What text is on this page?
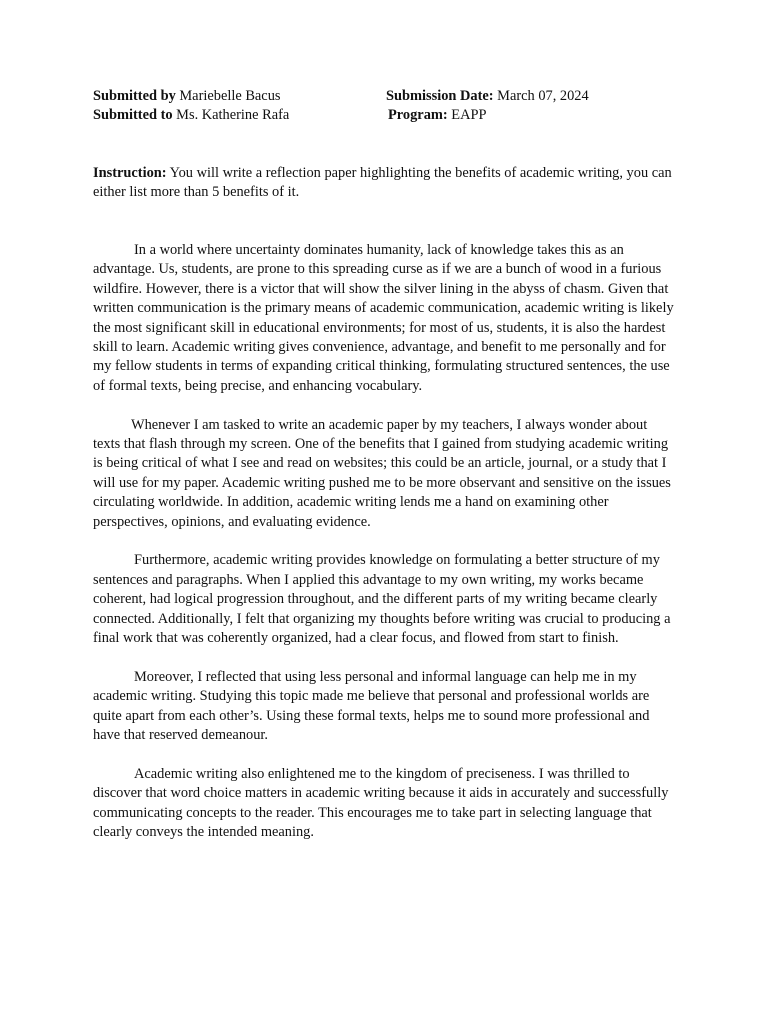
Submitted by Mariebelle Bacus	Submission Date: March 07, 2024
Submitted to Ms. Katherine Rafa	Program: EAPP
Instruction: You will write a reflection paper highlighting the benefits of academic writing, you can either list more than 5 benefits of it.

In a world where uncertainty dominates humanity, lack of knowledge takes this as an advantage. Us, students, are prone to this spreading curse as if we are a bunch of wood in a furious wildfire. However, there is a victor that will show the silver lining in the abyss of chasm. Given that written communication is the primary means of academic communication, academic writing is likely the most significant skill in educational environments; for most of us, students, it is also the hardest skill to learn. Academic writing gives convenience, advantage, and benefit to me personally and for my fellow students in terms of expanding critical thinking, formulating structured sentences, the use of formal texts, being precise, and enhancing vocabulary.

Whenever I am tasked to write an academic paper by my teachers, I always wonder about texts that flash through my screen. One of the benefits that I gained from studying academic writing is being critical of what I see and read on websites; this could be an article, journal, or a study that I will use for my paper. Academic writing pushed me to be more observant and sensitive on the issues circulating worldwide. In addition, academic writing lends me a hand on examining other perspectives, opinions, and evaluating evidence.

Furthermore, academic writing provides knowledge on formulating a better structure of my sentences and paragraphs. When I applied this advantage to my own writing, my works became coherent, had logical progression throughout, and the different parts of my writing became clearly connected. Additionally, I felt that organizing my thoughts before writing was crucial to producing a final work that was coherently organized, had a clear focus, and flowed from start to finish.

Moreover, I reflected that using less personal and informal language can help me in my academic writing. Studying this topic made me believe that personal and professional worlds are quite apart from each other’s. Using these formal texts, helps me to sound more professional and have that reserved demeanour.

Academic writing also enlightened me to the kingdom of preciseness. I was thrilled to discover that word choice matters in academic writing because it aids in accurately and successfully communicating concepts to the reader. This encourages me to take part in selecting language that clearly conveys the intended meaning.
